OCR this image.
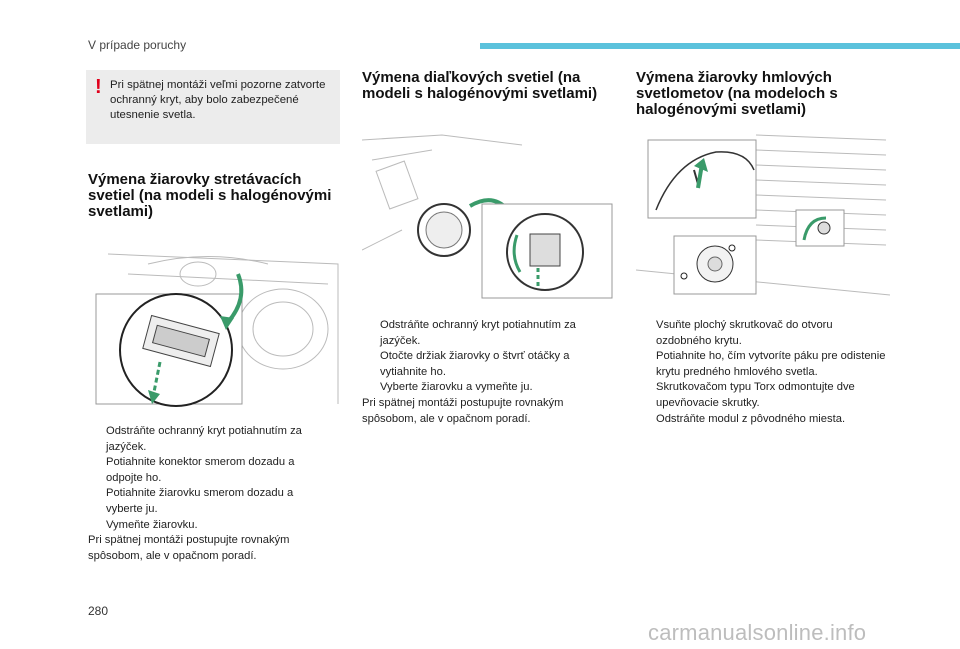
V prípade poruchy
! Pri spätnej montáži veľmi pozorne zatvorte ochranný kryt, aby bolo zabezpečené utesnenie svetla.
Výmena žiarovky stretávacích svetiel (na modeli s halogénovými svetlami)
Odstráňte ochranný kryt potiahnutím za jazýček.
Potiahnite konektor smerom dozadu a odpojte ho.
Potiahnite žiarovku smerom dozadu a vyberte ju.
Vymeňte žiarovku.
Pri spätnej montáži postupujte rovnakým spôsobom, ale v opačnom poradí.
Výmena diaľkových svetiel (na modeli s halogénovými svetlami)
Odstráňte ochranný kryt potiahnutím za jazýček.
Otočte držiak žiarovky o štvrť otáčky a vytiahnite ho.
Vyberte žiarovku a vymeňte ju.
Pri spätnej montáži postupujte rovnakým spôsobom, ale v opačnom poradí.
Výmena žiarovky hmlových svetlometov (na modeloch s halogénovými svetlami)
Vsuňte plochý skrutkovač do otvoru ozdobného krytu.
Potiahnite ho, čím vytvoríte páku pre odistenie krytu predného hmlového svetla.
Skrutkovačom typu Torx odmontujte dve upevňovacie skrutky.
Odstráňte modul z pôvodného miesta.
280
carmanualsonline.info
